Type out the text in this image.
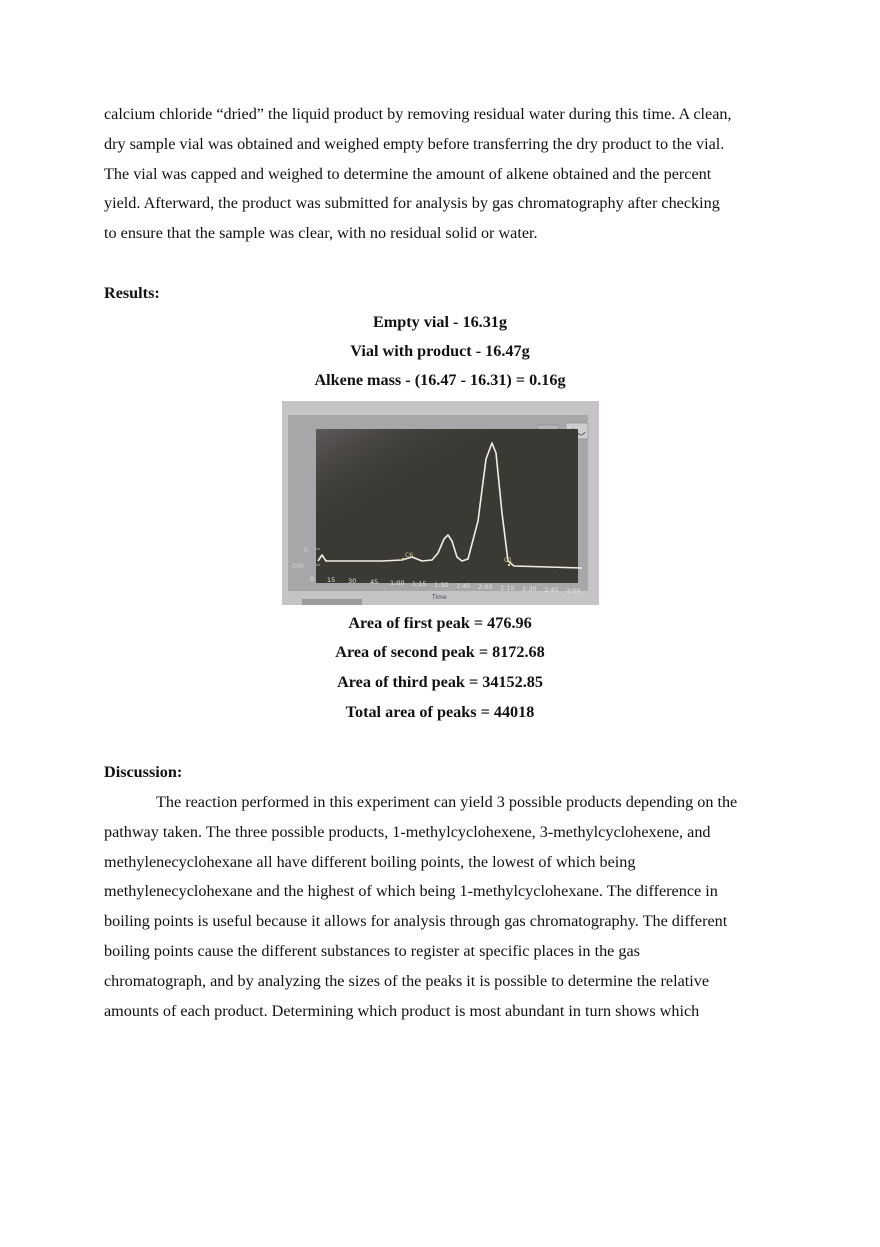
calcium chloride “dried” the liquid product by removing residual water during this time. A clean,
dry sample vial was obtained and weighed empty before transferring the dry product to the vial.
The vial was capped and weighed to determine the amount of alkene obtained and the percent
yield. Afterward, the product was submitted for analysis by gas chromatography after checking
to ensure that the sample was clear, with no residual solid or water.

Results:

Empty vial - 16.31g

Vial with product - 16.47g

Alkene mass - (16.47 - 16.31) = 0.16g

0
-500
C6
C1
0 15 30 45 1:00 1:15 1:30 1:45 2:00 2:15 2:30 2:45 3:00
Time

Area of first peak = 476.96

Area of second peak = 8172.68

Area of third peak = 34152.85

Total area of peaks = 44018

Discussion:

The reaction performed in this experiment can yield 3 possible products depending on the
pathway taken. The three possible products, 1-methylcyclohexene, 3-methylcyclohexene, and
methylenecyclohexane all have different boiling points, the lowest of which being
methylenecyclohexane and the highest of which being 1-methylcyclohexane. The difference in
boiling points is useful because it allows for analysis through gas chromatography. The different
boiling points cause the different substances to register at specific places in the gas
chromatograph, and by analyzing the sizes of the peaks it is possible to determine the relative
amounts of each product. Determining which product is most abundant in turn shows which
